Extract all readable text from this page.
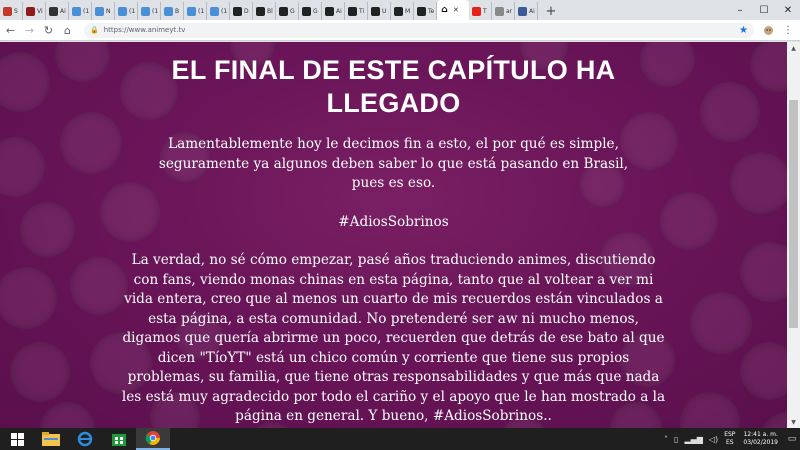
S	Vi	Ai	(1	N	(1	(1	B	(1	(1	D	Bl	G	G	Ai	Ti	U	M	Te ⌂ ✕	T	ar	Ai +	–	☐	✕
← → ↻ ⌂	🔒 https://www.animeyt.tv	★	⋮
EL FINAL DE ESTE CAPÍTULO HA LLEGADO

Lamentablemente hoy le decimos fin a esto, el por qué es simple, seguramente ya algunos deben saber lo que está pasando en Brasil, pues es eso.

#AdiosSobrinos

La verdad, no sé cómo empezar, pasé años traduciendo animes, discutiendo con fans, viendo monas chinas en esta página, tanto que al voltear a ver mi vida entera, creo que al menos un cuarto de mis recuerdos están vinculados a esta página, a esta comunidad. No pretenderé ser aw ni mucho menos, digamos que quería abrirme un poco, recuerden que detrás de ese bato al que dicen "TíoYT" está un chico común y corriente que tiene sus propios problemas, su familia, que tiene otras responsabilidades y que más que nada les está muy agradecido por todo el cariño y el apoyo que le han mostrado a la página en general. Y bueno, #AdiosSobrinos..

▲
▼
˄ ▯ ▂▄▆ ◁) ESP
ES
12:41 a. m.
03/02/2019	▭
